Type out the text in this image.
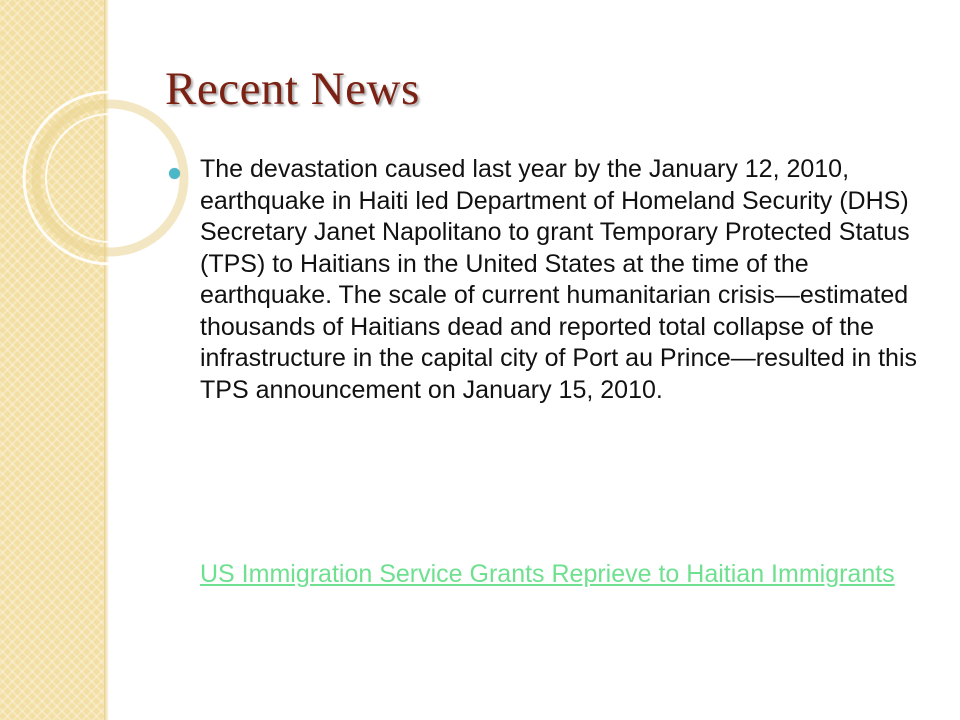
Recent News

The devastation caused last year by the January 12, 2010, earthquake in Haiti led Department of Homeland Security (DHS) Secretary Janet Napolitano to grant Temporary Protected Status (TPS) to Haitians in the United States at the time of the earthquake. The scale of current humanitarian crisis—estimated thousands of Haitians dead and reported total collapse of the infrastructure in the capital city of Port au Prince—resulted in this TPS announcement on January 15, 2010.

US Immigration Service Grants Reprieve to Haitian Immigrants
